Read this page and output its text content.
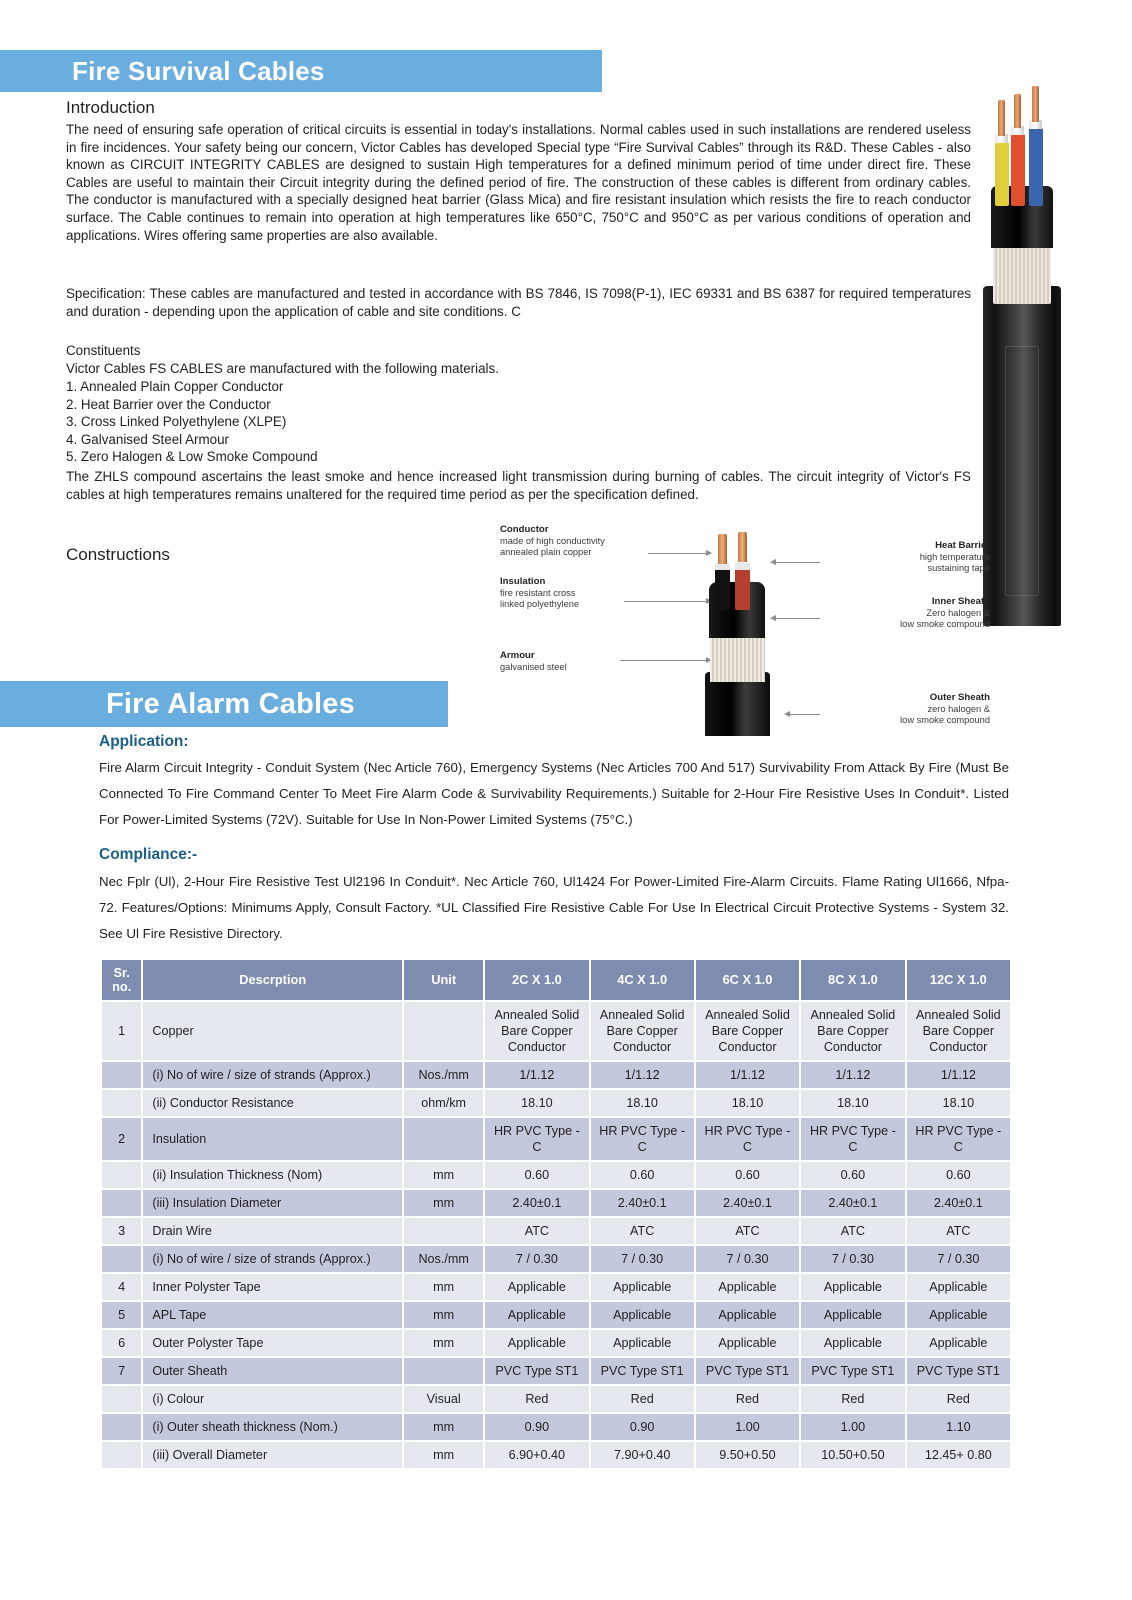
Fire Survival Cables
Introduction
The need of ensuring safe operation of critical circuits is essential in today's installations. Normal cables used in such installations are rendered useless in fire incidences. Your safety being our concern, Victor Cables has developed Special type “Fire Survival Cables” through its R&D. These Cables - also known as CIRCUIT INTEGRITY CABLES are designed to sustain High temperatures for a defined minimum period of time under direct fire. These Cables are useful to maintain their Circuit integrity during the defined period of fire. The construction of these cables is different from ordinary cables. The conductor is manufactured with a specially designed heat barrier (Glass Mica) and fire resistant insulation which resists the fire to reach conductor surface. The Cable continues to remain into operation at high temperatures like 650°C, 750°C and 950°C as per various conditions of operation and applications. Wires offering same properties are also available.
Specification: These cables are manufactured and tested in accordance with BS 7846, IS 7098(P-1), IEC 69331 and BS 6387 for required temperatures and duration - depending upon the application of cable and site conditions. C
Constituents
Victor Cables FS CABLES are manufactured with the following materials.
1. Annealed Plain Copper Conductor
2. Heat Barrier over the Conductor
3. Cross Linked Polyethylene (XLPE)
4. Galvanised Steel Armour
5. Zero Halogen & Low Smoke Compound
The ZHLS compound ascertains the least smoke and hence increased light transmission during burning of cables. The circuit integrity of Victor's FS cables at high temperatures remains unaltered for the required time period as per the specification defined.
Constructions
Conductor
made of high conductivity
annealed plain copper
Insulation
fire resistant cross
linked polyethylene
Armour
galvanised steel
Heat Barrier
high temperature
sustaining tape
Inner Sheath
Zero halogen &
low smoke compound
Outer Sheath
zero halogen &
low smoke compound
Fire Alarm Cables
Application:
Fire Alarm Circuit Integrity - Conduit System (Nec Article 760), Emergency Systems (Nec Articles 700 And 517) Survivability From Attack By Fire (Must Be Connected To Fire Command Center To Meet Fire Alarm Code & Survivability Requirements.) Suitable for 2-Hour Fire Resistive Uses In Conduit*. Listed For Power-Limited Systems (72V). Suitable for Use In Non-Power Limited Systems (75°C.)
Compliance:-
Nec Fplr (Ul), 2-Hour Fire Resistive Test Ul2196 In Conduit*. Nec Article 760, Ul1424 For Power-Limited Fire-Alarm Circuits. Flame Rating Ul1666, Nfpa-72. Features/Options: Minimums Apply, Consult Factory. *UL Classified Fire Resistive Cable For Use In Electrical Circuit Protective Systems - System 32. See Ul Fire Resistive Directory.
Sr.
no.	Descrption	Unit	2C X 1.0	4C X 1.0	6C X 1.0	8C X 1.0	12C X 1.0
1	Copper		Annealed Solid Bare Copper Conductor	Annealed Solid Bare Copper Conductor	Annealed Solid Bare Copper Conductor	Annealed Solid Bare Copper Conductor	Annealed Solid Bare Copper Conductor
	(i) No of wire / size of strands (Approx.)	Nos./mm	1/1.12	1/1.12	1/1.12	1/1.12	1/1.12
	(ii) Conductor Resistance	ohm/km	18.10	18.10	18.10	18.10	18.10
2	Insulation		HR PVC Type - C	HR PVC Type - C	HR PVC Type - C	HR PVC Type - C	HR PVC Type - C
	(ii) Insulation Thickness (Nom)	mm	0.60	0.60	0.60	0.60	0.60
	(iii) Insulation Diameter	mm	2.40±0.1	2.40±0.1	2.40±0.1	2.40±0.1	2.40±0.1
3	Drain Wire		ATC	ATC	ATC	ATC	ATC
	(i) No of wire / size of strands (Approx.)	Nos./mm	7 / 0.30	7 / 0.30	7 / 0.30	7 / 0.30	7 / 0.30
4	Inner Polyster Tape	mm	Applicable	Applicable	Applicable	Applicable	Applicable
5	APL Tape	mm	Applicable	Applicable	Applicable	Applicable	Applicable
6	Outer Polyster Tape	mm	Applicable	Applicable	Applicable	Applicable	Applicable
7	Outer Sheath		PVC Type ST1	PVC Type ST1	PVC Type ST1	PVC Type ST1	PVC Type ST1
	(i) Colour	Visual	Red	Red	Red	Red	Red
	(i) Outer sheath thickness (Nom.)	mm	0.90	0.90	1.00	1.00	1.10
	(iii) Overall Diameter	mm	6.90+0.40	7.90+0.40	9.50+0.50	10.50+0.50	12.45+ 0.80
